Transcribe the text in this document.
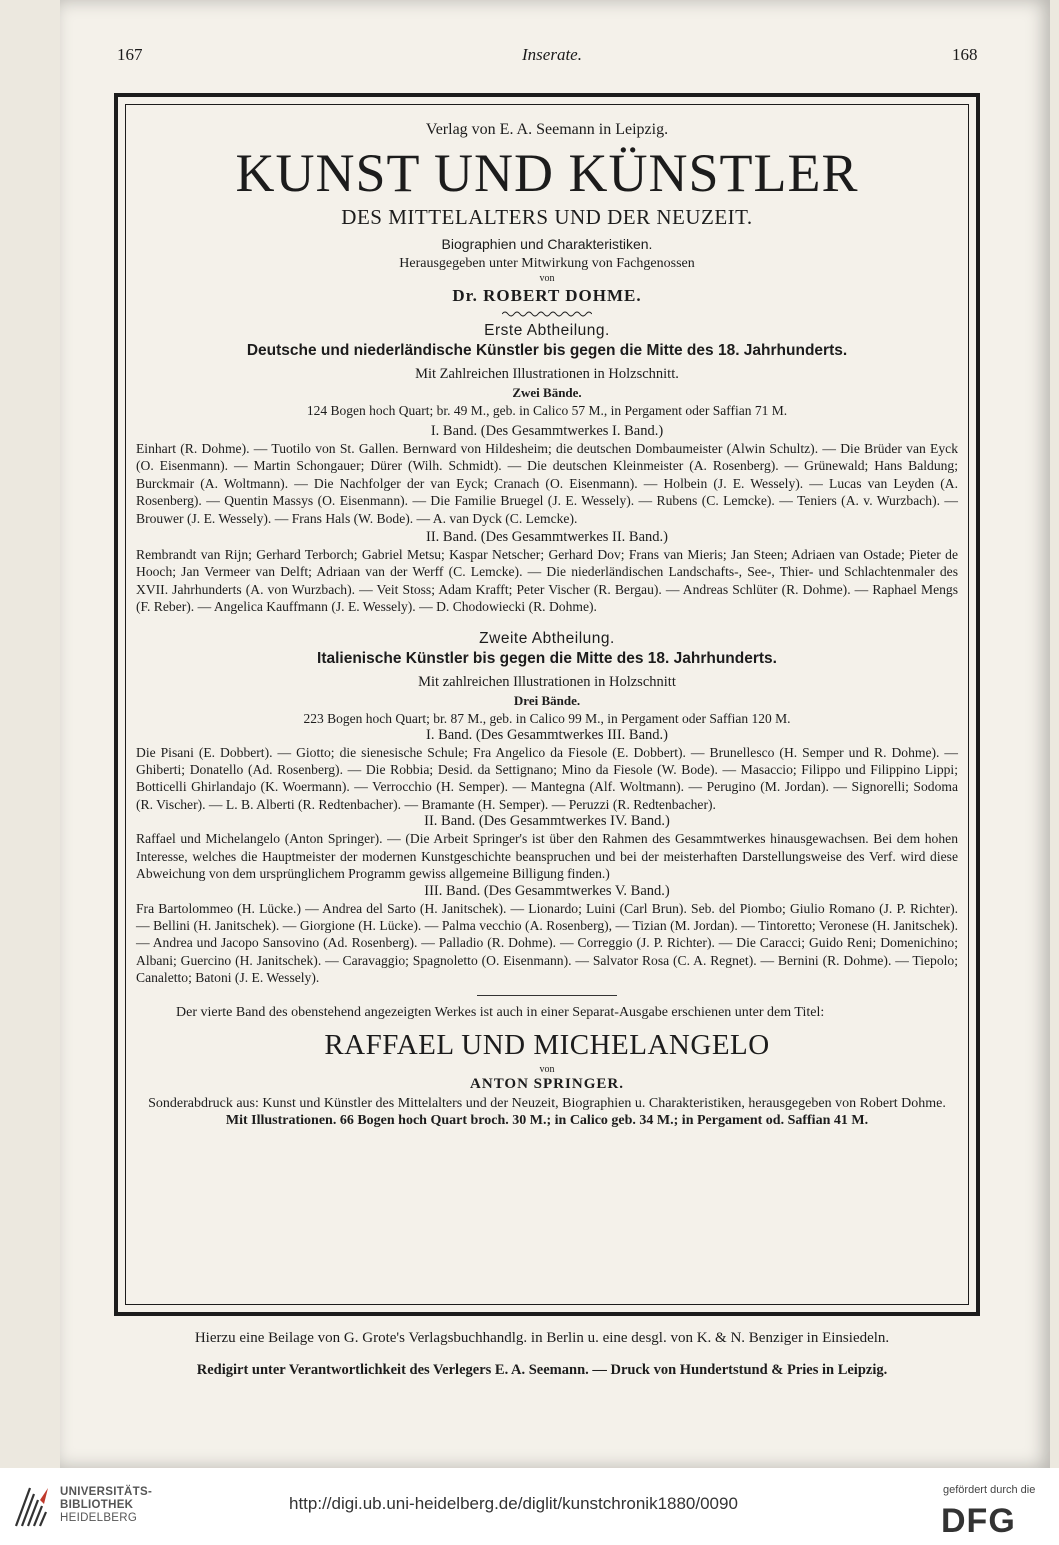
167	Inserate.	168

Verlag von E. A. Seemann in Leipzig.

KUNST UND KÜNSTLER

DES MITTELALTERS UND DER NEUZEIT.

Biographien und Charakteristiken.

Herausgegeben unter Mitwirkung von Fachgenossen

von

Dr. ROBERT DOHME.

Erste Abtheilung.

Deutsche und niederländische Künstler bis gegen die Mitte des 18. Jahrhunderts.

Mit Zahlreichen Illustrationen in Holzschnitt.

Zwei Bände.

124 Bogen hoch Quart; br. 49 M., geb. in Calico 57 M., in Pergament oder Saffian 71 M.

I. Band. (Des Gesammtwerkes I. Band.)

Einhart (R. Dohme). — Tuotilo von St. Gallen. Bernward von Hildesheim; die deutschen Dombaumeister (Alwin Schultz). — Die Brüder van Eyck (O. Eisenmann). — Martin Schongauer; Dürer (Wilh. Schmidt). — Die deutschen Kleinmeister (A. Rosenberg). — Grünewald; Hans Baldung; Burckmair (A. Woltmann). — Die Nachfolger der van Eyck; Cranach (O. Eisenmann). — Holbein (J. E. Wessely). — Lucas van Leyden (A. Rosenberg). — Quentin Massys (O. Eisenmann). — Die Familie Bruegel (J. E. Wessely). — Rubens (C. Lemcke). — Teniers (A. v. Wurzbach). — Brouwer (J. E. Wessely). — Frans Hals (W. Bode). — A. van Dyck (C. Lemcke).

II. Band. (Des Gesammtwerkes II. Band.)

Rembrandt van Rijn; Gerhard Terborch; Gabriel Metsu; Kaspar Netscher; Gerhard Dov; Frans van Mieris; Jan Steen; Adriaen van Ostade; Pieter de Hooch; Jan Vermeer van Delft; Adriaan van der Werff (C. Lemcke). — Die niederländischen Landschafts-, See-, Thier- und Schlachtenmaler des XVII. Jahrhunderts (A. von Wurzbach). — Veit Stoss; Adam Krafft; Peter Vischer (R. Bergau). — Andreas Schlüter (R. Dohme). — Raphael Mengs (F. Reber). — Angelica Kauffmann (J. E. Wessely). — D. Chodowiecki (R. Dohme).

Zweite Abtheilung.

Italienische Künstler bis gegen die Mitte des 18. Jahrhunderts.

Mit zahlreichen Illustrationen in Holzschnitt

Drei Bände.

223 Bogen hoch Quart; br. 87 M., geb. in Calico 99 M., in Pergament oder Saffian 120 M.

I. Band. (Des Gesammtwerkes III. Band.)

Die Pisani (E. Dobbert). — Giotto; die sienesische Schule; Fra Angelico da Fiesole (E. Dobbert). — Brunellesco (H. Semper und R. Dohme). — Ghiberti; Donatello (Ad. Rosenberg). — Die Robbia; Desid. da Settignano; Mino da Fiesole (W. Bode). — Masaccio; Filippo und Filippino Lippi; Botticelli Ghirlandajo (K. Woermann). — Verrocchio (H. Semper). — Mantegna (Alf. Woltmann). — Perugino (M. Jordan). — Signorelli; Sodoma (R. Vischer). — L. B. Alberti (R. Redtenbacher). — Bramante (H. Semper). — Peruzzi (R. Redtenbacher).

II. Band. (Des Gesammtwerkes IV. Band.)

Raffael und Michelangelo (Anton Springer). — (Die Arbeit Springer's ist über den Rahmen des Gesammtwerkes hinausgewachsen. Bei dem hohen Interesse, welches die Hauptmeister der modernen Kunstgeschichte beanspruchen und bei der meisterhaften Darstellungsweise des Verf. wird diese Abweichung von dem ursprünglichem Programm gewiss allgemeine Billigung finden.)

III. Band. (Des Gesammtwerkes V. Band.)

Fra Bartolommeo (H. Lücke.) — Andrea del Sarto (H. Janitschek). — Lionardo; Luini (Carl Brun). Seb. del Piombo; Giulio Romano (J. P. Richter). — Bellini (H. Janitschek). — Giorgione (H. Lücke). — Palma vecchio (A. Rosenberg), — Tizian (M. Jordan). — Tintoretto; Veronese (H. Janitschek). — Andrea und Jacopo Sansovino (Ad. Rosenberg). — Palladio (R. Dohme). — Correggio (J. P. Richter). — Die Caracci; Guido Reni; Domenichino; Albani; Guercino (H. Janitschek). — Caravaggio; Spagnoletto (O. Eisenmann). — Salvator Rosa (C. A. Regnet). — Bernini (R. Dohme). — Tiepolo; Canaletto; Batoni (J. E. Wessely).

Der vierte Band des obenstehend angezeigten Werkes ist auch in einer Separat-Ausgabe erschienen unter dem Titel:

RAFFAEL UND MICHELANGELO

von

ANTON SPRINGER.

Sonderabdruck aus: Kunst und Künstler des Mittelalters und der Neuzeit, Biographien u. Charakteristiken, herausgegeben von Robert Dohme.

Mit Illustrationen. 66 Bogen hoch Quart broch. 30 M.; in Calico geb. 34 M.; in Pergament od. Saffian 41 M.

Hierzu eine Beilage von G. Grote's Verlagsbuchhandlg. in Berlin u. eine desgl. von K. & N. Benziger in Einsiedeln.
Redigirt unter Verantwortlichkeit des Verlegers E. A. Seemann. — Druck von Hundertstund & Pries in Leipzig.
UNIVERSITÄTS-
BIBLIOTHEK
HEIDELBERG
http://digi.ub.uni-heidelberg.de/diglit/kunstchronik1880/0090
gefördert durch die
DFG
